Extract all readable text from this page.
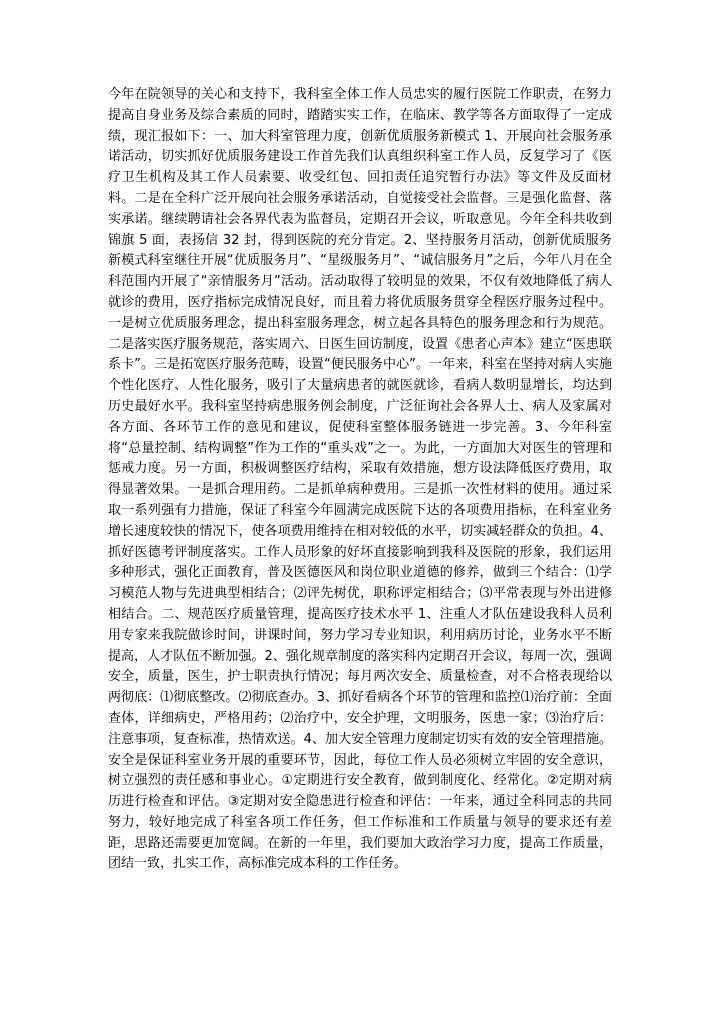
今年在院领导的关心和支持下，我科室全体工作人员忠实的履行医院工作职责，在努力提高自身业务及综合素质的同时，踏踏实实工作，在临床、教学等各方面取得了一定成绩，现汇报如下：一、加大科室管理力度，创新优质服务新模式 1、开展向社会服务承诺活动，切实抓好优质服务建设工作首先我们认真组织科室工作人员，反复学习了《医疗卫生机构及其工作人员索要、收受红包、回扣责任追究暂行办法》等文件及反面材料。二是在全科广泛开展向社会服务承诺活动，自觉接受社会监督。三是强化监督、落实承诺。继续聘请社会各界代表为监督员，定期召开会议，听取意见。今年全科共收到锦旗 5 面，表扬信 32 封，得到医院的充分肯定。2、坚持服务月活动，创新优质服务新模式科室继往开展“优质服务月”、“星级服务月”、“诚信服务月”之后，今年八月在全科范围内开展了“亲情服务月”活动。活动取得了较明显的效果，不仅有效地降低了病人就诊的费用，医疗指标完成情况良好，而且着力将优质服务贯穿全程医疗服务过程中。一是树立优质服务理念，提出科室服务理念，树立起各具特色的服务理念和行为规范。二是落实医疗服务规范，落实周六、日医生回访制度，设置《患者心声本》建立“医患联系卡”。三是拓宽医疗服务范畴，设置“便民服务中心”。一年来，科室在坚持对病人实施个性化医疗、人性化服务，吸引了大量病患者的就医就诊，看病人数明显增长，均达到历史最好水平。我科室坚持病患服务例会制度，广泛征询社会各界人士、病人及家属对各方面、各环节工作的意见和建议，促使科室整体服务链进一步完善。3、今年科室将“总量控制、结构调整”作为工作的“重头戏”之一。为此，一方面加大对医生的管理和惩戒力度。另一方面，积极调整医疗结构，采取有效措施，想方设法降低医疗费用，取得显著效果。一是抓合理用药。二是抓单病种费用。三是抓一次性材料的使用。通过采取一系列强有力措施，保证了科室今年圆满完成医院下达的各项费用指标，在科室业务增长速度较快的情况下，使各项费用维持在相对较低的水平，切实减轻群众的负担。4、抓好医德考评制度落实。工作人员形象的好坏直接影响到我科及医院的形象，我们运用多种形式，强化正面教育，普及医德医风和岗位职业道德的修养，做到三个结合：⑴学习模范人物与先进典型相结合；⑵评先树优，职称评定相结合；⑶平常表现与外出进修相结合。二、规范医疗质量管理，提高医疗技术水平 1、注重人才队伍建设我科人员利用专家来我院做诊时间，讲课时间，努力学习专业知识，利用病历讨论，业务水平不断提高，人才队伍不断加强。2、强化规章制度的落实科内定期召开会议，每周一次，强调安全，质量，医生，护士职责执行情况；每月两次安全、质量检查，对不合格表现给以两彻底：⑴彻底整改。⑵彻底查办。3、抓好看病各个环节的管理和监控⑴治疗前：全面查体，详细病史，严格用药；⑵治疗中，安全护理，文明服务，医患一家；⑶治疗后：注意事项，复查标准，热情欢送。4、加大安全管理力度制定切实有效的安全管理措施。安全是保证科室业务开展的重要环节，因此，每位工作人员必须树立牢固的安全意识，树立强烈的责任感和事业心。①定期进行安全教育，做到制度化、经常化。②定期对病历进行检查和评估。③定期对安全隐患进行检查和评估：一年来，通过全科同志的共同努力，较好地完成了科室各项工作任务，但工作标准和工作质量与领导的要求还有差距，思路还需要更加宽阔。在新的一年里，我们要加大政治学习力度，提高工作质量，团结一致，扎实工作，高标准完成本科的工作任务。
